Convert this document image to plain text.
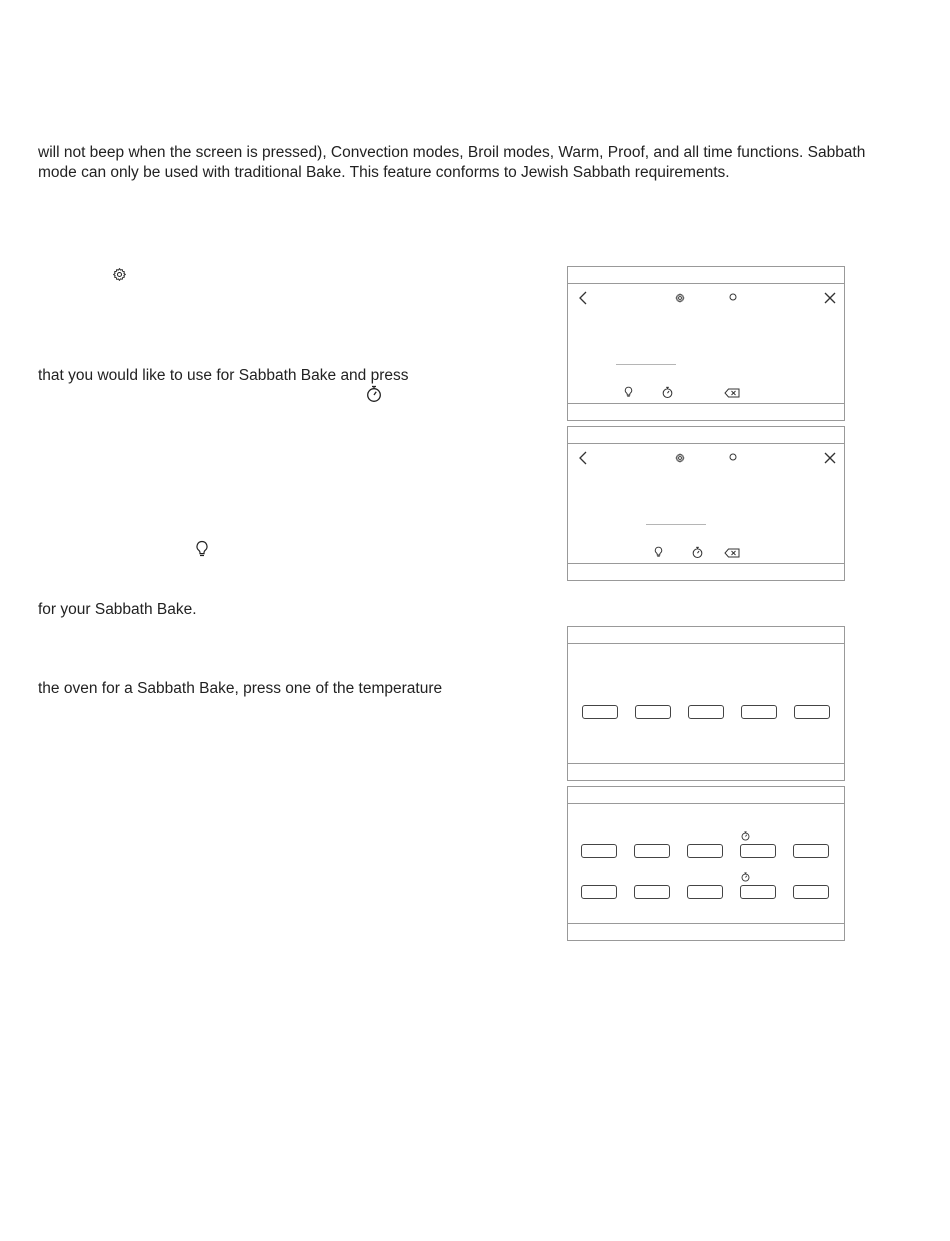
will not beep when the screen is pressed), Convection modes, Broil modes, Warm, Proof, and all time functions. Sabbath

mode can only be used with traditional Bake. This feature conforms to Jewish Sabbath requirements.

that you would like to use for Sabbath Bake and press

for your Sabbath Bake.

the oven for a Sabbath Bake, press one of the temperature
